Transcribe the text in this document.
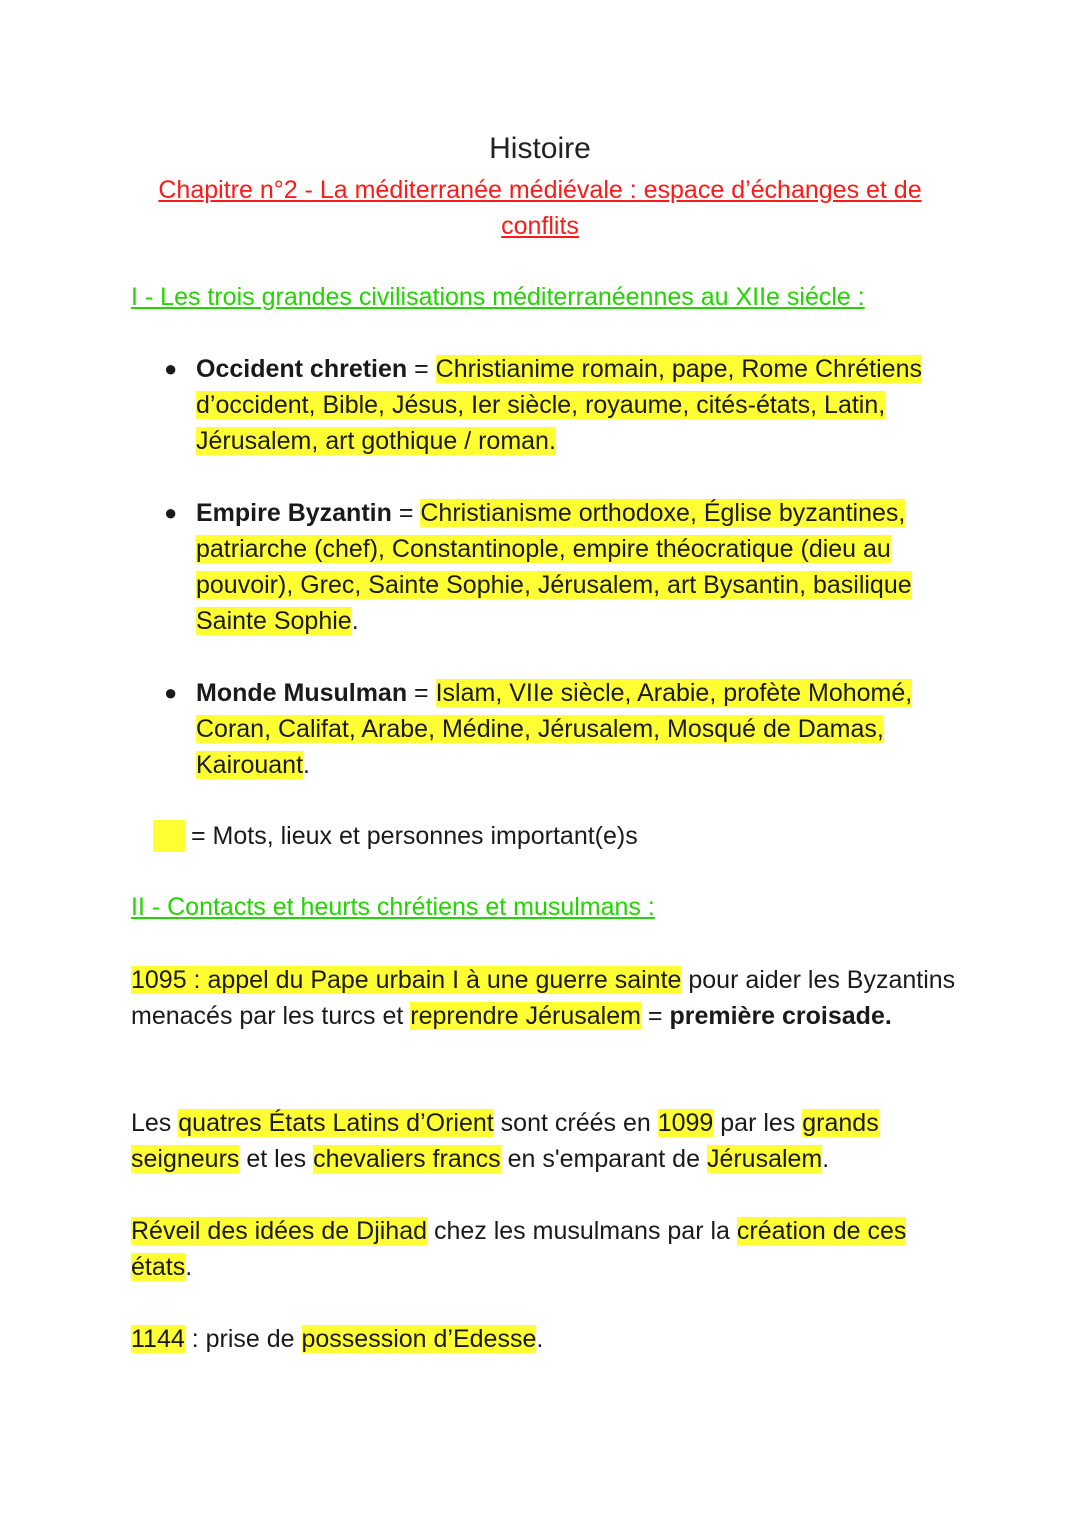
Histoire
Chapitre n°2 - La méditerranée médiévale : espace d’échanges et de conflits
I - Les trois grandes civilisations méditerranéennes au XIIe siécle :
● Occident chretien = Christianime romain, pape, Rome Chrétiens d’occident, Bible, Jésus, Ier siècle, royaume, cités-états, Latin, Jérusalem, art gothique / roman.
● Empire Byzantin = Christianisme orthodoxe, Église byzantines, patriarche (chef), Constantinople, empire théocratique (dieu au pouvoir), Grec, Sainte Sophie, Jérusalem, art Bysantin, basilique Sainte Sophie.
● Monde Musulman = Islam, VIIe siècle, Arabie, profète Mohomé, Coran, Califat, Arabe, Médine, Jérusalem, Mosqué de Damas, Kairouant.
= Mots, lieux et personnes important(e)s
II - Contacts et heurts chrétiens et musulmans :
1095 : appel du Pape urbain I à une guerre sainte pour aider les Byzantins menacés par les turcs et reprendre Jérusalem = première croisade.
Les quatres États Latins d’Orient sont créés en 1099 par les grands seigneurs et les chevaliers francs en s'emparant de Jérusalem.
Réveil des idées de Djihad chez les musulmans par la création de ces états.
1144 : prise de possession d’Edesse.
